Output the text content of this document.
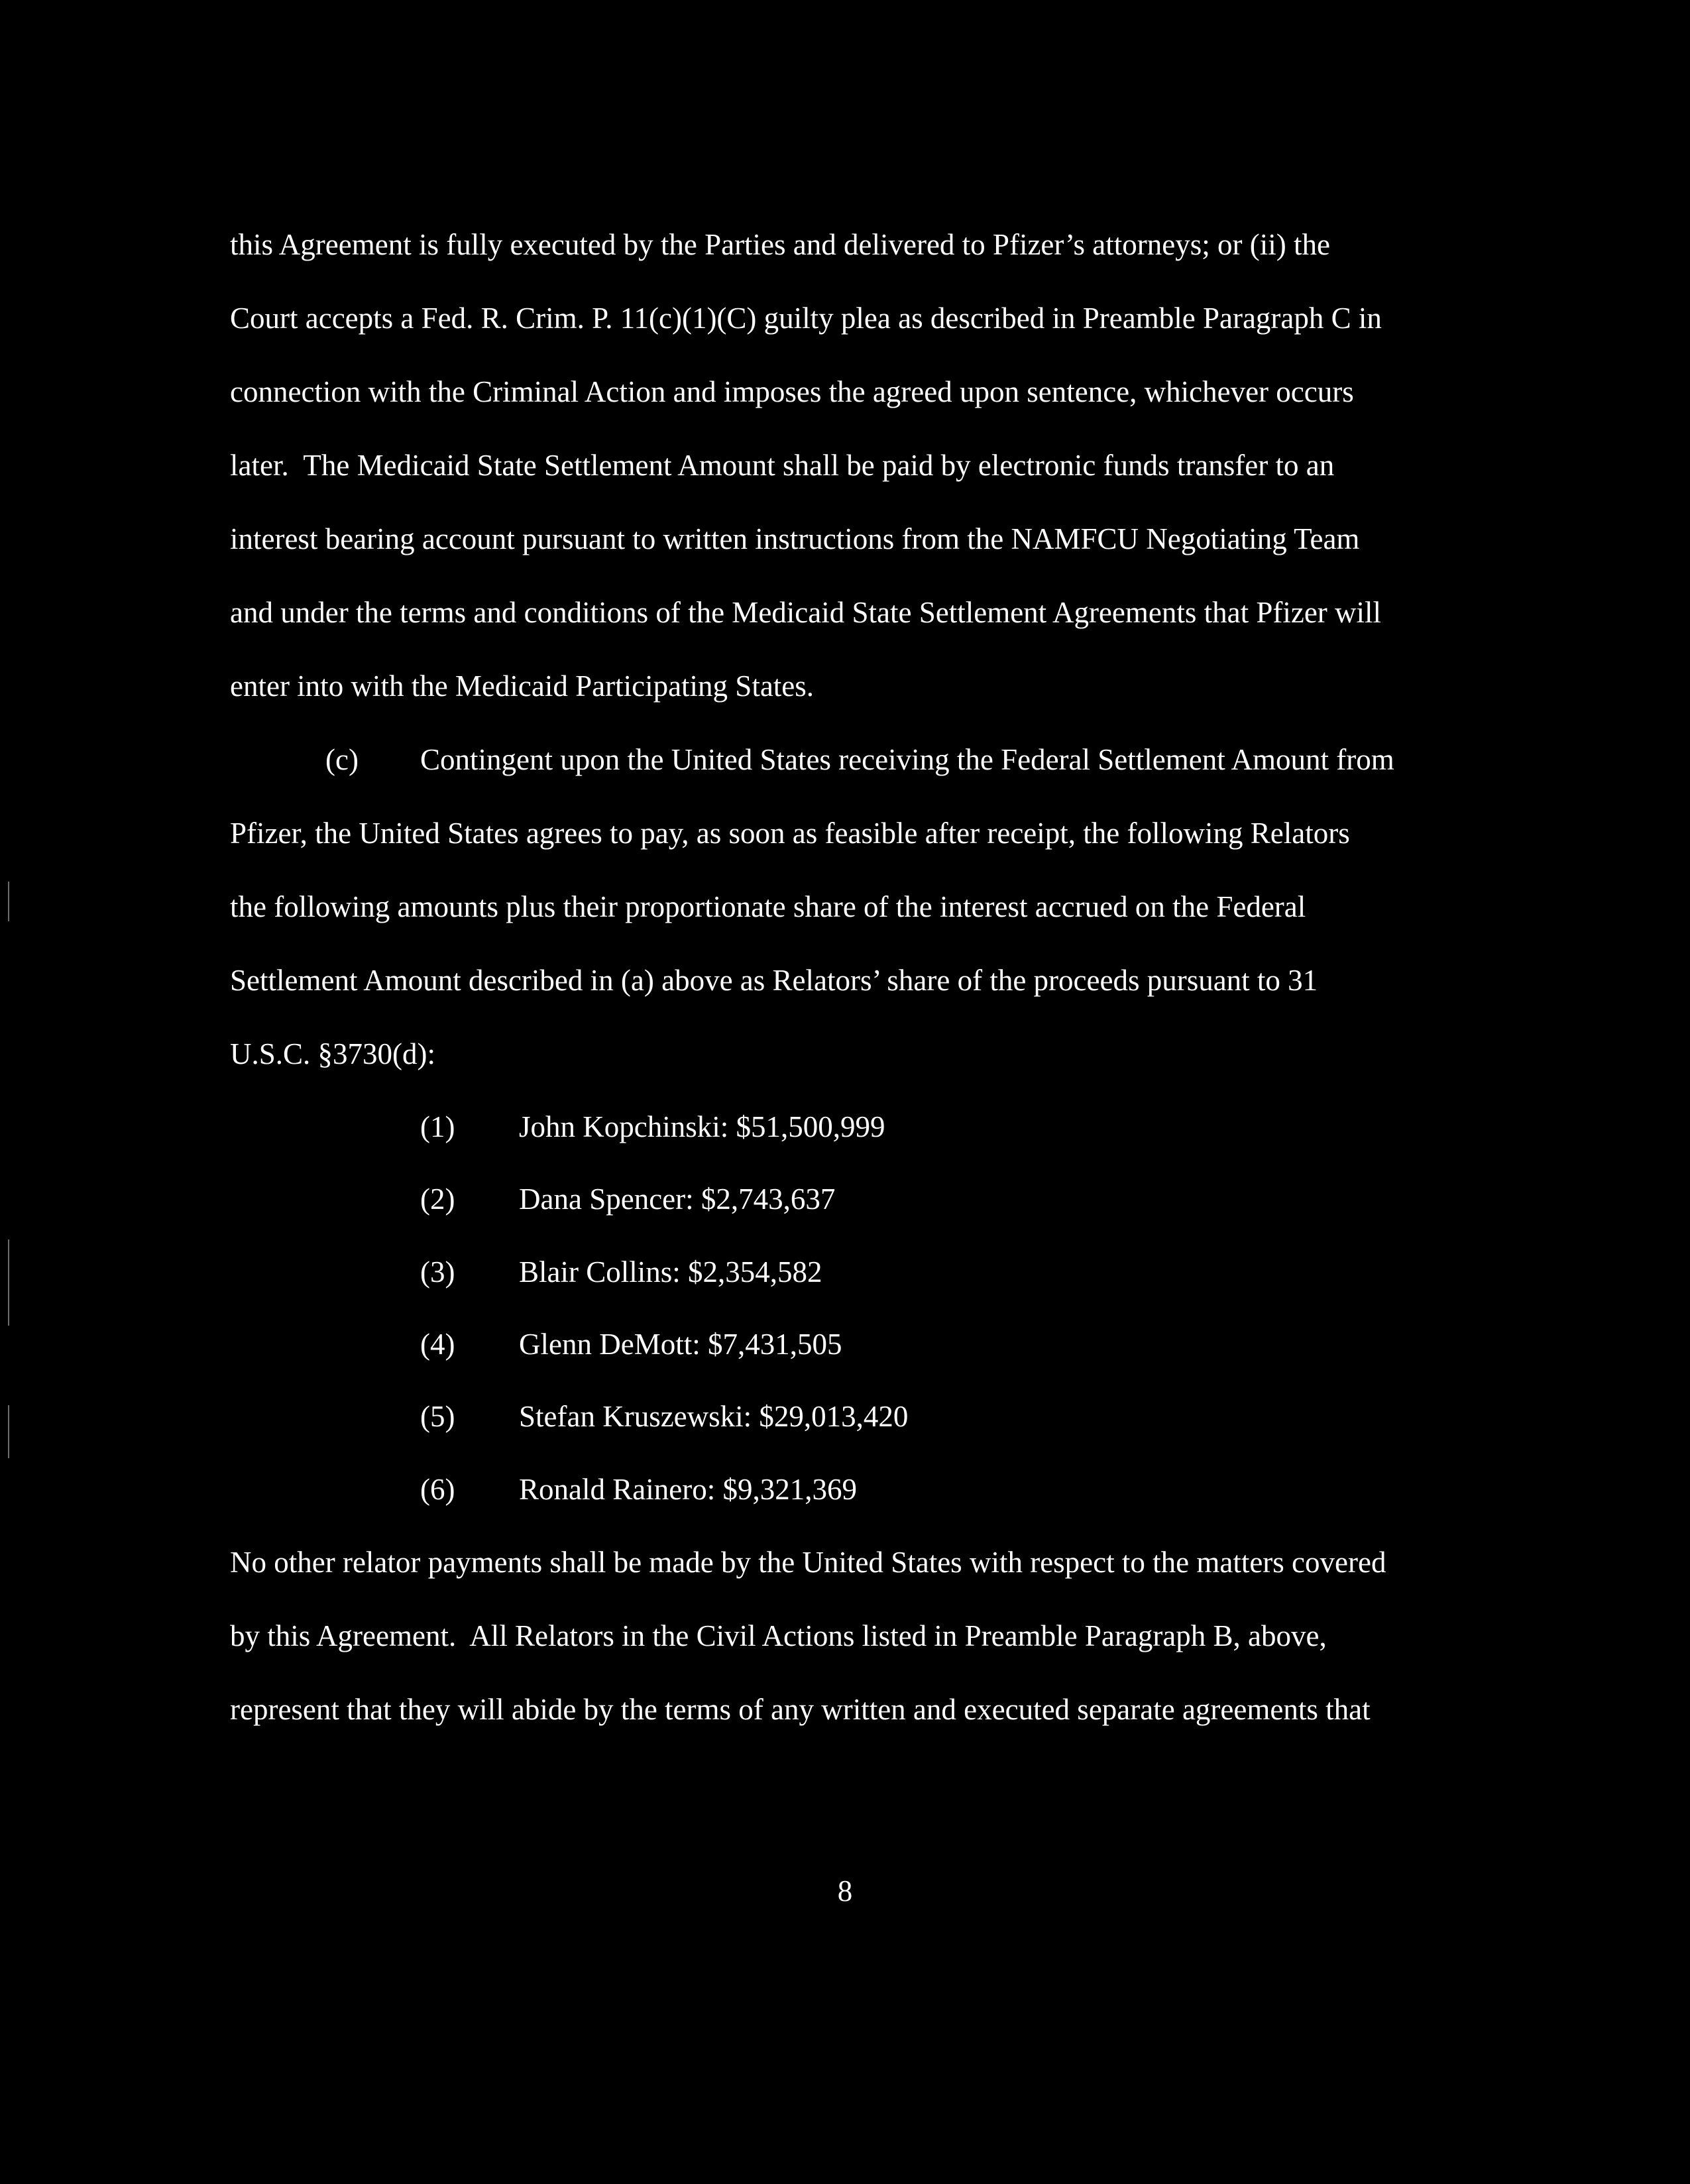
this Agreement is fully executed by the Parties and delivered to Pfizer’s attorneys; or (ii) the
Court accepts a Fed. R. Crim. P. 11(c)(1)(C) guilty plea as described in Preamble Paragraph C in
connection with the Criminal Action and imposes the agreed upon sentence, whichever occurs
later.  The Medicaid State Settlement Amount shall be paid by electronic funds transfer to an
interest bearing account pursuant to written instructions from the NAMFCU Negotiating Team
and under the terms and conditions of the Medicaid State Settlement Agreements that Pfizer will
enter into with the Medicaid Participating States.
(c) Contingent upon the United States receiving the Federal Settlement Amount from
Pfizer, the United States agrees to pay, as soon as feasible after receipt, the following Relators
the following amounts plus their proportionate share of the interest accrued on the Federal
Settlement Amount described in (a) above as Relators’ share of the proceeds pursuant to 31
U.S.C. §3730(d):
(1) John Kopchinski: $51,500,999
(2) Dana Spencer: $2,743,637
(3) Blair Collins: $2,354,582
(4) Glenn DeMott: $7,431,505
(5) Stefan Kruszewski: $29,013,420
(6) Ronald Rainero: $9,321,369
No other relator payments shall be made by the United States with respect to the matters covered
by this Agreement.  All Relators in the Civil Actions listed in Preamble Paragraph B, above,
represent that they will abide by the terms of any written and executed separate agreements that
8
